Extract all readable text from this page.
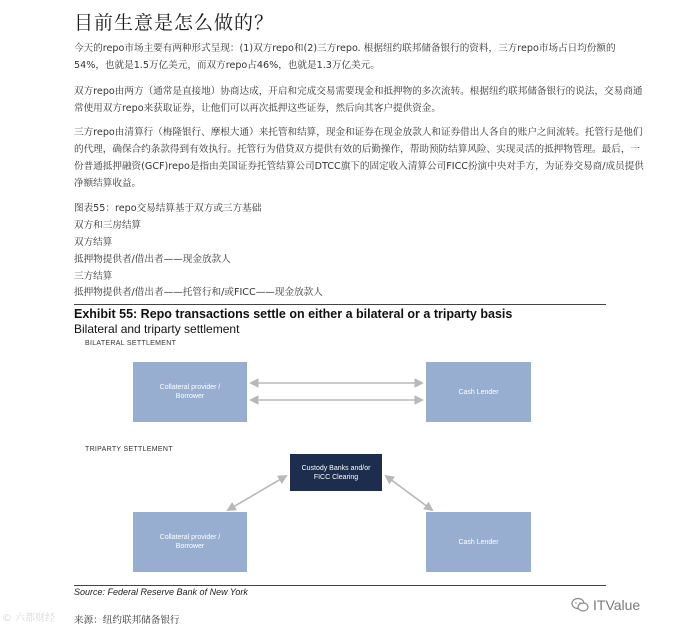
目前生意是怎么做的？

今天的repo市场主要有两种形式呈现：(1)双方repo和(2)三方repo. 根据纽约联邦储备银行的资料，三方repo市场占日均份额的54%，也就是1.5万亿美元，而双方repo占46%，也就是1.3万亿美元。

双方repo由两方（通常是直接地）协商达成，开启和完成交易需要现金和抵押物的多次流转。根据纽约联邦储备银行的说法，交易商通常使用双方repo来获取证券，让他们可以再次抵押这些证券，然后向其客户提供资金。

三方repo由清算行（梅隆银行、摩根大通）来托管和结算，现金和证券在现金放款人和证券借出人各自的账户之间流转。托管行是他们的代理，确保合约条款得到有效执行。托管行为借贷双方提供有效的后勤操作，帮助预防结算风险、实现灵活的抵押物管理。最后，一份普通抵押融资(GCF)repo是指由美国证券托管结算公司DTCC旗下的固定收入清算公司FICC扮演中央对手方，为证券交易商/成员提供净额结算收益。

图表55：repo交易结算基于双方或三方基础
双方和三房结算
双方结算
抵押物提供者/借出者——现金放款人
三方结算
抵押物提供者/借出者——托管行和/或FICC——现金放款人
Exhibit 55: Repo transactions settle on either a bilateral or a triparty basis
Bilateral and triparty settlement
BILATERAL SETTLEMENT
Collateral provider / Borrower
Cash Lender
TRIPARTY SETTLEMENT
Custody Banks and/or FICC Clearing
Collateral provider / Borrower
Cash Lender
Source: Federal Reserve Bank of New York
来源：纽约联邦储备银行
© 六都财经
ITValue
